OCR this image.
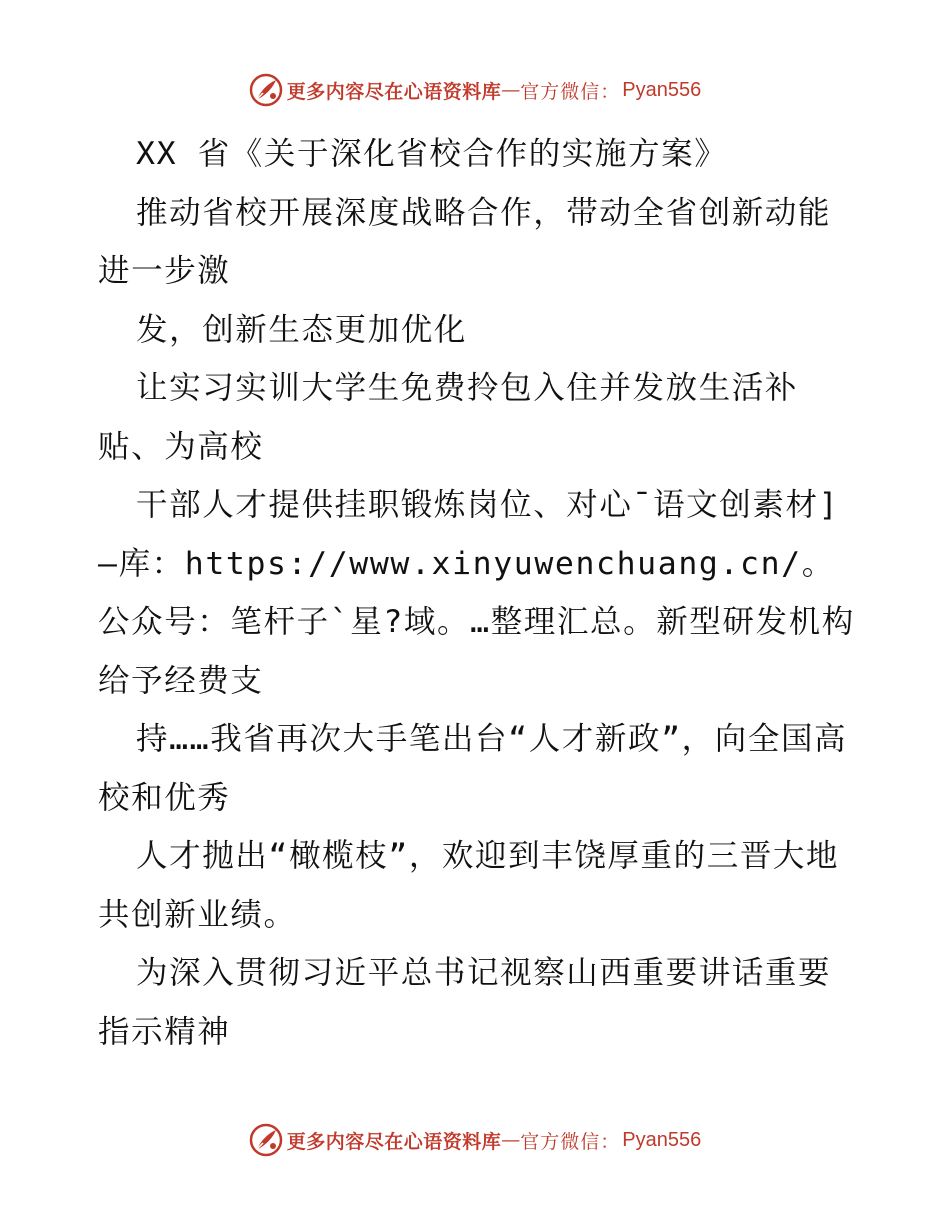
更多内容尽在心语资料库 — 官方微信： Pyan556

XX 省《关于深化省校合作的实施方案》

推动省校开展深度战略合作，带动全省创新动能进一步激

发，创新生态更加优化

让实习实训大学生免费拎包入住并发放生活补贴、为高校

干部人才提供挂职锻炼岗位、对心¯语文创素材]—库：https://www.xinyuwenchuang.cn/。公众号：笔杆子`星?域。…整理汇总。新型研发机构给予经费支

持……我省再次大手笔出台“人才新政”，向全国高校和优秀

人才抛出“橄榄枝”，欢迎到丰饶厚重的三晋大地共创新业绩。

为深入贯彻习近平总书记视察山西重要讲话重要指示精神

更多内容尽在心语资料库 — 官方微信： Pyan556
